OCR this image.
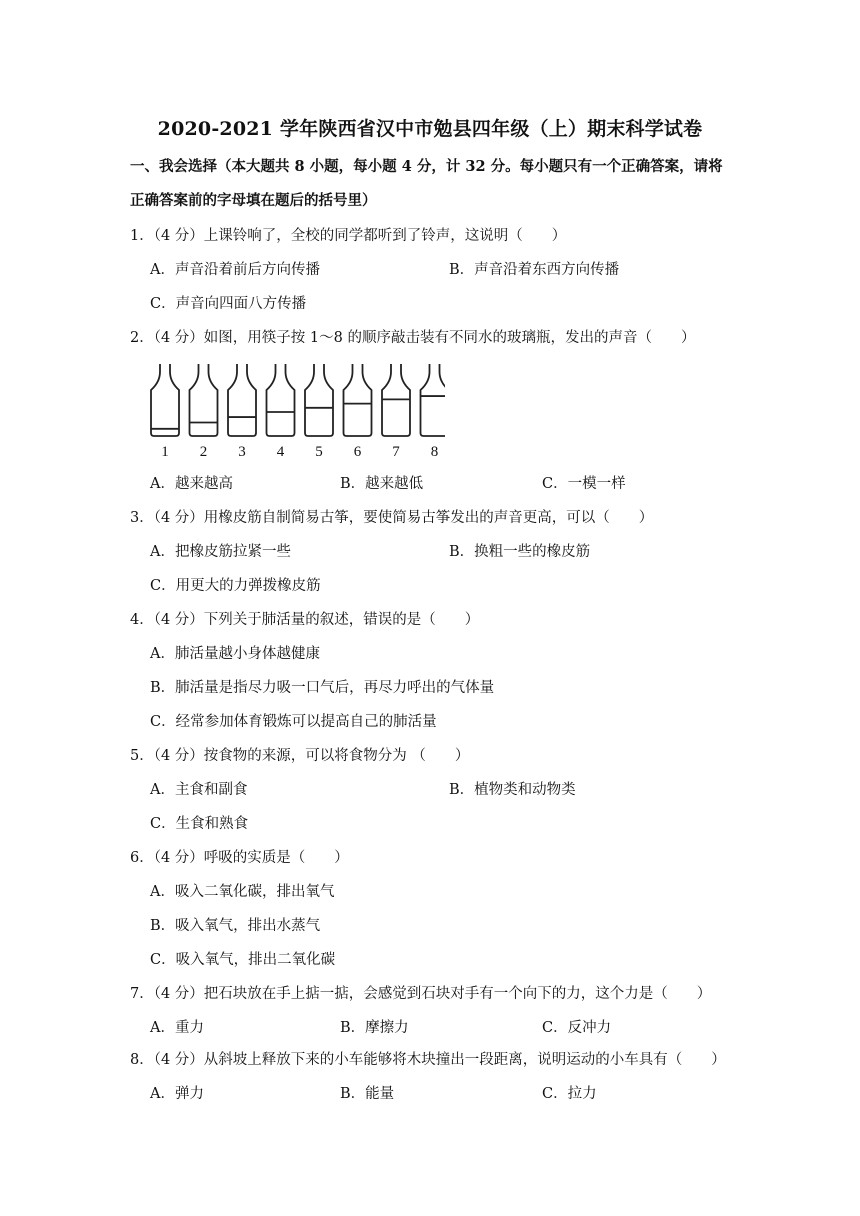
2020-2021 学年陕西省汉中市勉县四年级（上）期末科学试卷
一、我会选择（本大题共 8 小题，每小题 4 分，计 32 分。每小题只有一个正确答案，请将
正确答案前的字母填在题后的括号里）
1．（4 分）上课铃响了，全校的同学都听到了铃声，这说明（　　）
A．声音沿着前后方向传播	B．声音沿着东西方向传播
C．声音向四面八方传播
2．（4 分）如图，用筷子按 1～8 的顺序敲击装有不同水的玻璃瓶，发出的声音（　　）
1 2 3 4 5 6 7 8
A．越来越高	B．越来越低	C．一模一样
3．（4 分）用橡皮筋自制简易古筝，要使简易古筝发出的声音更高，可以（　　）
A．把橡皮筋拉紧一些	B．换粗一些的橡皮筋
C．用更大的力弹拨橡皮筋
4．（4 分）下列关于肺活量的叙述，错误的是（　　）
A．肺活量越小身体越健康
B．肺活量是指尽力吸一口气后，再尽力呼出的气体量
C．经常参加体育锻炼可以提高自己的肺活量
5．（4 分）按食物的来源，可以将食物分为 （　　）
A．主食和副食	B．植物类和动物类
C．生食和熟食
6．（4 分）呼吸的实质是（　　）
A．吸入二氧化碳，排出氧气
B．吸入氧气，排出水蒸气
C．吸入氧气，排出二氧化碳
7．（4 分）把石块放在手上掂一掂，会感觉到石块对手有一个向下的力，这个力是（　　）
A．重力	B．摩擦力	C．反冲力
8．（4 分）从斜坡上释放下来的小车能够将木块撞出一段距离，说明运动的小车具有（　　）
A．弹力	B．能量	C．拉力
